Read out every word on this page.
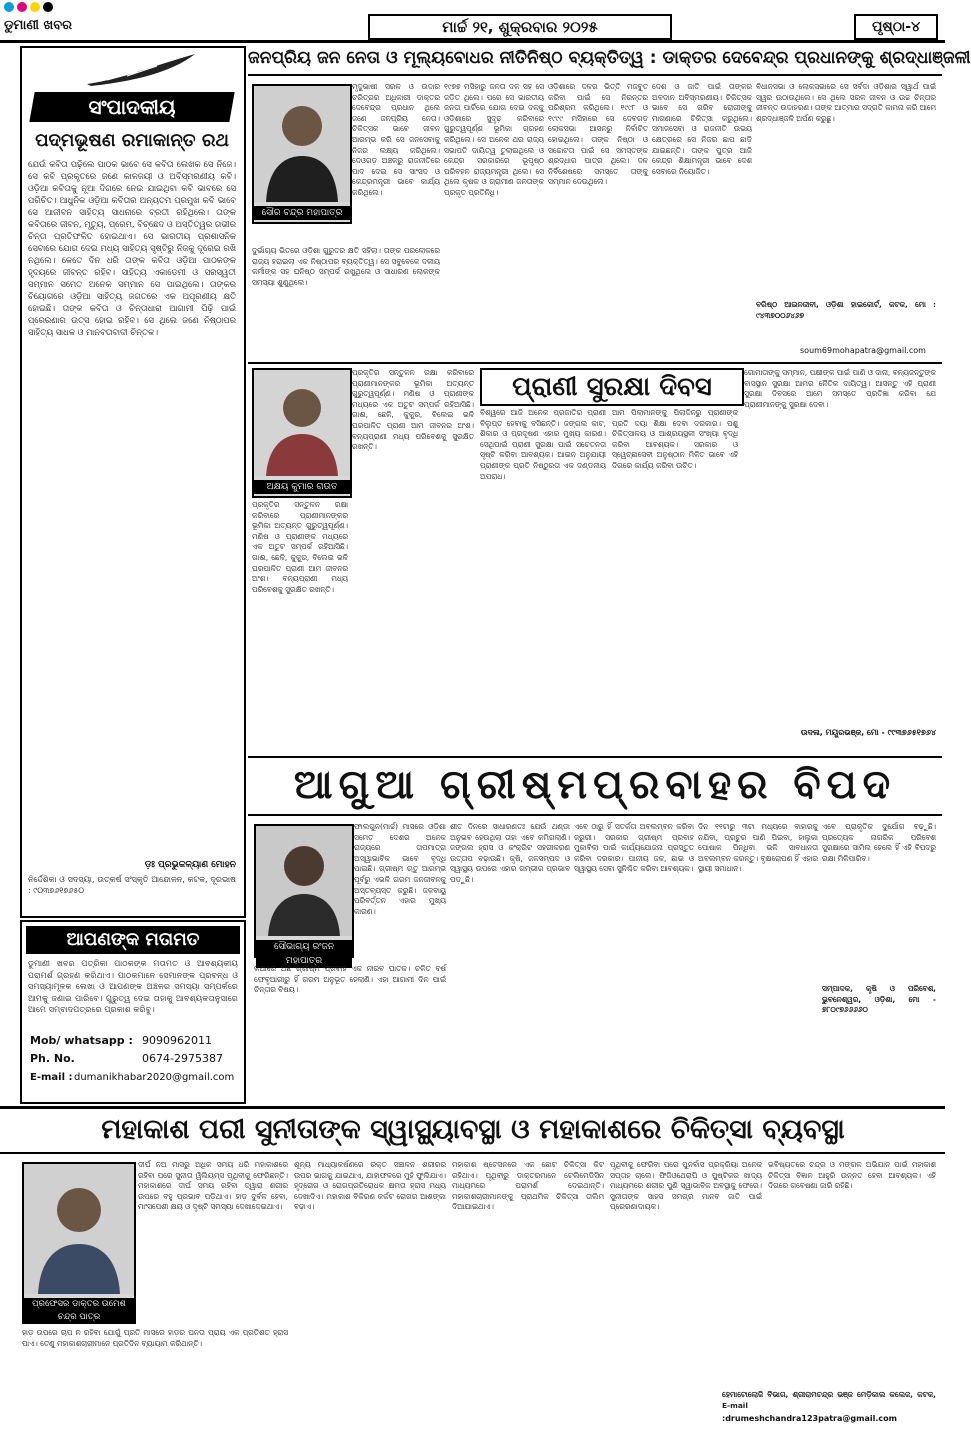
ଡୁମାଣୀ ଖବର	ମାର୍ଚ୍ଚ ୨୧, ଶୁକ୍ରବାର ୨୦୨୫	ପୃଷ୍ଠା-୪
ସଂପାଦକୀୟ
ପଦ୍ମଭୂଷଣ ରମାକାନ୍ତ ରଥ
ଯେଉଁ କବିତା ପଢ଼ିଲେ ପାଠକ ଭାବେ ସେ କବିତା ଲେଖକ ସେ ନିଜେ। ସେ କବି ପ୍ରକୃତରେ ଜଣେ କାଳଜୟୀ ଓ ଅବିସ୍ମରଣୀୟ କବି। ଓଡ଼ିଆ କବିତାକୁ ନୂଆ ଦିଗରେ ନେଇ ଯାଇଥିବା କବି ଭାବରେ ସେ ପରିଚିତ। ଆଧୁନିକ ଓଡ଼ିଆ କବିତାର ଅନ୍ୟତମ ପ୍ରମୁଖ କବି ଭାବେ ସେ ଆଜୀବନ ସାହିତ୍ୟ ସାଧନାରେ ବ୍ରତୀ ରହିଥିଲେ। ତାଙ୍କ କବିତାରେ ଜୀବନ, ମୃତ୍ୟୁ, ପ୍ରେମ, ବିଚ୍ଛେଦ ଓ ଅସ୍ତିତ୍ୱର ଗଭୀର ଚିନ୍ତା ପ୍ରତିଫଳିତ ହୋଇଥାଏ। ସେ ଭାରତୀୟ ପ୍ରଶାସନିକ ସେବାରେ ଯୋଗ ଦେଇ ମଧ୍ୟ ସାହିତ୍ୟ ସୃଷ୍ଟିରୁ ନିଜକୁ ଦୂରେଇ ରଖି ନଥିଲେ। କେତେ ଦିନ ଧରି ତାଙ୍କ କବିତା ଓଡ଼ିଆ ପାଠକଙ୍କ ହୃଦୟରେ ଜୀବନ୍ତ ରହିବ। ସାହିତ୍ୟ ଏକାଡେମୀ ଓ ସରସ୍ୱତୀ ସମ୍ମାନ ସମେତ ଅନେକ ସମ୍ମାନ ସେ ପାଇଥିଲେ। ତାଙ୍କର ବିୟୋଗରେ ଓଡ଼ିଆ ସାହିତ୍ୟ ଜଗତରେ ଏକ ଅପୂରଣୀୟ କ୍ଷତି ହୋଇଛି। ତାଙ୍କ କବିତା ଓ ଚିନ୍ତାଧାରା ଆଗାମୀ ପିଢ଼ି ପାଇଁ ପ୍ରେରଣାର ଉତ୍ସ ହୋଇ ରହିବ। ସେ ଥିଲେ ଜଣେ ନିଷ୍ଠାପର ସାହିତ୍ୟ ସାଧକ ଓ ମାନବତାବାଦୀ ଚିନ୍ତକ।
ଡ଼ଃ ପ୍ରଭୁକଳ୍ୟାଣ ମୋହନ
ନିର୍ଦ୍ଦେଶିକା ଓ ସଦସ୍ୟା, ଉତ୍କର୍ଷ ସଂସ୍କୃତି ଆନ୍ଦୋଳନ, କଟକ, ଦୂରଭାଷ : ୯୦୩୭୬୧୭୬୫୦
ଆପଣଙ୍କ ମତାମତ
ଡୁମାଣୀ ଖବର ପତ୍ରିକା ପାଠକଙ୍କ ମତାମତ ଓ ଆବଶ୍ୟକୀୟ ପରାମର୍ଶ ଗ୍ରହଣ କରିଥାଏ। ପାଠକମାନେ ସେମାନଙ୍କ ପ୍ରବନ୍ଧ ଓ ସମସ୍ୟାମୂଳକ ଲେଖା ଓ ଆପଣଙ୍କ ଅଞ୍ଚଳର ସମସ୍ୟା ସମ୍ପର୍କରେ ଆମକୁ ଜଣାଇ ପାରିବେ। ଗୁରୁତ୍ୱ ଦେଇ ତାହାକୁ ଆବଶ୍ୟକତାନୁସାରେ ଆମେ ସମ୍ବାଦପତ୍ରରେ ପ୍ରକାଶ କରିବୁ।
Mob/ whatsapp : 9090962011
Ph. No.	0674-2975387
E-mail : dumanikhabar2020@gmail.com
ଜନପ୍ରିୟ ଜନ ନେତା ଓ ମୂଲ୍ୟବୋଧର ନୀତିନିଷ୍ଠ ବ୍ୟକ୍ତିତ୍ୱ : ଡାକ୍ତର ଦେବେନ୍ଦ୍ର ପ୍ରଧାନଙ୍କୁ ଶ୍ରଦ୍ଧାଞ୍ଜଳୀ
ସୌର ଚନ୍ଦ୍ର ମହାପାତ୍ର
ମୃଦୁଭାଷୀ ସରଳ ଓ ଉଦାର ଚରିତ୍ରର ଅଧିକାରୀ ଡାକ୍ତର ଦେବେନ୍ଦ୍ର ପ୍ରଧାନ ଥିଲେ ଜଣେ ଜନପ୍ରିୟ ନେତା। ଚିକିତ୍ସକ ଭାବେ ଜୀବନ ଆରମ୍ଭ କରି ସେ ଜନସେବାକୁ ନିଜର ଲକ୍ଷ୍ୟ କରିଥିଲେ। ଦେଓଗଡ଼ ଅଞ୍ଚଳରୁ ରାଜନୀତିରେ ପାଦ ଦେଇ ସେ ସାଂସଦ ଓ କେନ୍ଦ୍ରମନ୍ତ୍ରୀ ଭାବେ କାର୍ଯ୍ୟ କରିଥିଲେ।
ଦୁର୍ଭାଗ୍ୟ ଭିତରେ ଓଡ଼ିଶା ଗୁରୁତର କ୍ଷତି ସହିଲା। ତାଙ୍କ ପରଲୋକରେ ରାଜ୍ୟ ହରାଇଲା ଏକ ନିଷ୍ଠାପର ବ୍ୟକ୍ତିତ୍ୱ। ସେ ସବୁବେଳେ ଦଳୀୟ କର୍ମୀଙ୍କ ସହ ଘନିଷ୍ଠ ସମ୍ପର୍କ ରଖୁଥିଲେ ଓ ସାଧାରଣ ଲୋକଙ୍କ ସମସ୍ୟା ଶୁଣୁଥିଲେ।
୧୯୭୭ ମସିହାରୁ ଜନତା ଦଳ ସହ ସେ ଜଡ଼ିତ ଥିଲେ। ପରେ ସେ ଭାରତୀୟ ଜନତା ପାର୍ଟିରେ ଯୋଗ ଦେଇ ଦଳକୁ ଓଡ଼ିଶାରେ ସୁଦୃଢ଼ କରିବାରେ ଗୁରୁତ୍ୱପୂର୍ଣ୍ଣ ଭୂମିକା ଗ୍ରହଣ କରିଥିଲେ। ସେ ଅନେକ ଥର ରାଜ୍ୟ ସଭାପତି ଦାୟିତ୍ୱ ତୁଲାଇଥିଲେ ଓ କେନ୍ଦ୍ର ସରକାରରେ ଭୂପୃଷ୍ଠ ପରିବହନ ରାଜ୍ୟମନ୍ତ୍ରୀ ଥିଲେ। ସେ ଥିଲେ କୃଷକ ଓ ଗ୍ରାମୀଣ ଜନତାଙ୍କ ପ୍ରକୃତ ପ୍ରତିନିଧି।
ଓଡ଼ିଶାରେ ଦଳର ଭିତ୍ତି ମଜବୁତ କରିବା ପାଇଁ ସେ ନିରନ୍ତର ପରିଶ୍ରମ କରିଥିଲେ। ୧୯୯୮ ଓ ୧୯୯୯ ମସିହାରେ ସେ ଦେବଗଡ଼ ଲୋକସଭା ଆସନରୁ ନିର୍ବାଚିତ ହୋଇଥିଲେ। ତାଙ୍କ ନିଷ୍ଠା ଓ ସଚ୍ଚୋଟତା ପାଇଁ ସେ ସମସ୍ତଙ୍କ ଶ୍ରଦ୍ଧାର ପାତ୍ର ଥିଲେ। ଦଳ ନିର୍ବିଶେଷରେ ସମସ୍ତେ ତାଙ୍କୁ ସମ୍ମାନ ଦେଉଥିଲେ।
ଦେଶ ଓ ଜାତି ପାଇଁ ତାଙ୍କର ଅବଦାନ ଅବିସ୍ମରଣୀୟ। ଚିକିତ୍ସକ ଭାବେ ସେ ଗରିବ ରୋଗୀଙ୍କୁ ମାଗଣାରେ ଚିକିତ୍ସା କରୁଥିଲେ। ସମାଜସେବା ଓ ରାଜନୀତି ଉଭୟ କ୍ଷେତ୍ରରେ ସେ ନିଜର ଛାପ ଛାଡ଼ି ଯାଇଛନ୍ତି। ତାଙ୍କ ପୁତ୍ର ଆଜି କେନ୍ଦ୍ର ଶିକ୍ଷାମନ୍ତ୍ରୀ ଭାବେ ଦେଶ ସେବାରେ ନିୟୋଜିତ।
ବିଧାନସଭା ଓ ଲୋକସଭାରେ ସେ ସର୍ବଦା ଓଡ଼ିଶାର ସ୍ୱାର୍ଥ ପାଇଁ ସ୍ୱର ଉଠାଉଥିଲେ। ସେ ଥିଲେ ସରଳ ଜୀବନ ଓ ଉଚ୍ଚ ଚିନ୍ତାର ଜୀବନ୍ତ ଉଦାହରଣ। ତାଙ୍କ ଆତ୍ମାର ସଦ୍ଗତି କାମନା କରି ଆମେ ଶ୍ରଦ୍ଧାଞ୍ଜଳି ଅର୍ପଣ କରୁଛୁ।
ବରିଷ୍ଠ ଆଇନଜୀବୀ, ଓଡ଼ିଶା ହାଇକୋର୍ଟ, କଟକ, ମୋ : ୯୪୩୭୦୦୬୪୬୭
soum69mohapatra@gmail.com
ପ୍ରାଣୀ ସୁରକ୍ଷା ଦିବସ
ଅକ୍ଷୟ କୁମାର ରାଉତ
ପ୍ରକୃତିର ସନ୍ତୁଳନ ରକ୍ଷା କରିବାରେ ପ୍ରାଣୀମାନଙ୍କର ଭୂମିକା ଅତ୍ୟନ୍ତ ଗୁରୁତ୍ୱପୂର୍ଣ୍ଣ। ମଣିଷ ଓ ପ୍ରାଣୀଙ୍କ ମଧ୍ୟରେ ଏକ ଅତୁଟ ସମ୍ପର୍କ ରହିଆସିଛି। ଗାଈ, ଛେଳି, କୁକୁର, ବିଲେଇ ଭଳି ଘରପାଳିତ ପ୍ରାଣୀ ଆମ ଜୀବନର ଅଂଶ। ବନ୍ୟପ୍ରାଣୀ ମଧ୍ୟ ପରିବେଶକୁ ସୁରକ୍ଷିତ ରଖନ୍ତି।
ବିଶ୍ୱରେ ଆଜି ଅନେକ ପ୍ରଜାତିର ପ୍ରାଣୀ ବିଲୁପ୍ତ ହେବାକୁ ବସିଛନ୍ତି। ଜଙ୍ଗଲ କାଟ, ଶିକାର ଓ ପ୍ରଦୂଷଣ ଏହାର ମୁଖ୍ୟ କାରଣ। ସେଥିପାଇଁ ପ୍ରାଣୀ ସୁରକ୍ଷା ପାଇଁ ସଚେତନତା ସୃଷ୍ଟି କରିବା ଆବଶ୍ୟକ। ଆଇନ ଅନୁଯାୟୀ ପ୍ରାଣୀଙ୍କ ପ୍ରତି ନିଷ୍ଠୁରତା ଏକ ଦଣ୍ଡନୀୟ ଅପରାଧ।
ଆମ ପିଲାମାନଙ୍କୁ ପିଲାଦିନରୁ ପ୍ରାଣୀଙ୍କ ପ୍ରତି ଦୟା ଶିକ୍ଷା ଦେବା ଦରକାର। ପଶୁ ଚିକିତ୍ସାଳୟ ଓ ଆଶ୍ରୟସ୍ଥଳୀ ସଂଖ୍ୟା ବୃଦ୍ଧି କରିବା ଆବଶ୍ୟକ। ସରକାର ଓ ସ୍ୱେଚ୍ଛାସେବୀ ଅନୁଷ୍ଠାନ ମିଳିତ ଭାବେ ଏହି ଦିଗରେ କାର୍ଯ୍ୟ କରିବା ଉଚିତ।
ଗୋମାତାଙ୍କୁ ସମ୍ମାନ, ପକ୍ଷୀଙ୍କ ପାଇଁ ପାଣି ଓ ଦାନା, ବନ୍ୟଜନ୍ତୁଙ୍କ ବାସସ୍ଥାନ ସୁରକ୍ଷା ଆମର ନୈତିକ ଦାୟିତ୍ୱ। ଆସନ୍ତୁ ଏହି ପ୍ରାଣୀ ସୁରକ୍ଷା ଦିବସରେ ଆମେ ସମସ୍ତେ ପ୍ରତିଜ୍ଞା କରିବା ଯେ ପ୍ରାଣୀମାନଙ୍କୁ ସୁରକ୍ଷା ଦେବା।
ଉଦଳା, ମୟୂରଭଞ୍ଜ, ମୋ - ୯୯୩୭୬୫୧୭୬୪
ପ୍ରକୃତିର ସନ୍ତୁଳନ ରକ୍ଷା କରିବାରେ ପ୍ରାଣୀମାନଙ୍କର ଭୂମିକା ଅତ୍ୟନ୍ତ ଗୁରୁତ୍ୱପୂର୍ଣ୍ଣ। ମଣିଷ ଓ ପ୍ରାଣୀଙ୍କ ମଧ୍ୟରେ ଏକ ଅତୁଟ ସମ୍ପର୍କ ରହିଆସିଛି। ଗାଈ, ଛେଳି, କୁକୁର, ବିଲେଇ ଭଳି ଘରପାଳିତ ପ୍ରାଣୀ ଆମ ଜୀବନର ଅଂଶ। ବନ୍ୟପ୍ରାଣୀ ମଧ୍ୟ ପରିବେଶକୁ ସୁରକ୍ଷିତ ରଖନ୍ତି।
ଆଗୁଆ ଗ୍ରୀଷ୍ମପ୍ରବାହର ବିପଦ
ସୌଭାଗ୍ୟ ରଂଜନ ମହାପାତ୍ର
ଫାଲଗୁନ(ମାର୍ଚ୍ଚ) ମାସରେ ଓଡ଼ିଶା ସମେତ ଦେଶର ଅନେକ ରାଜ୍ୟରେ ତାପମାତ୍ରା ଅସ୍ୱାଭାବିକ ଭାବେ ବୃଦ୍ଧି ପାଇଛି। ଗ୍ରୀଷ୍ମ ଋତୁ ଆରମ୍ଭ ପୂର୍ବରୁ ଏଭଳି ଗରମ ଜନଜୀବନକୁ ଅସ୍ତବ୍ୟସ୍ତ କରୁଛି। ଜଳବାୟୁ ପରିବର୍ତ୍ତନ ଏହାର ମୁଖ୍ୟ କାରଣ।
କଥାରେ ଅଛି ଗ୍ରୀଷ୍ମ ପ୍ରବାହ ଏକ ନୀରବ ଘାତକ। ଚଳିତ ବର୍ଷ ଫେବୃଆରୀରୁ ହିଁ ଗରମ ଅନୁଭୂତ ହେଲାଣି। ଏହା ଆଗାମୀ ଦିନ ପାଇଁ ଚିନ୍ତାର ବିଷୟ।
ଶୀତ ଦିନରେ ସାଧାରଣତଃ ଯେଉଁ ଥଣ୍ଡା ଅନୁଭବ ହେଉଥିଲା ତାହା ଏବେ କମିଗଲାଣି। ଜଙ୍ଗଲ ହ୍ରାସ ଓ କଂକ୍ରିଟ ସହରୀକରଣ ଉତ୍ତାପ ବଢ଼ାଉଛି। କୃଷି, ଜଳସମ୍ପଦ ଓ ସ୍ୱାସ୍ଥ୍ୟ ଉପରେ ଏହାର ଗମ୍ଭୀର ପ୍ରଭାବ ପଡ଼ୁଛି।
ଏବେ ଠାରୁ ହିଁ ସତର୍କତା ଅବଲମ୍ବନ କରିବା ଜରୁରୀ। ସରକାର ଗ୍ରୀଷ୍ମ ପ୍ରବାହ ମୁକାବିଲା ପାଇଁ କାର୍ଯ୍ୟଯୋଜନା ପ୍ରସ୍ତୁତ କରିବା ଦରକାର। ପାନୀୟ ଜଳ, ଛାଇ ଓ ସ୍ୱାସ୍ଥ୍ୟ ସେବା ସୁନିଶ୍ଚିତ କରିବା ଆବଶ୍ୟକ।
ଦିନ ୧୧ଟାରୁ ୩ଟା ମଧ୍ୟରେ ବାହାରକୁ ନଯିବା, ପ୍ରଚୁର ପାଣି ପିଇବା, ହାଲୁକା ପୋଷାକ ପିନ୍ଧିବା ଭଳି ସାବଧାନତା ଅବଲମ୍ବନ କରନ୍ତୁ। ବୃକ୍ଷରୋପଣ ହିଁ ଏହାର ସ୍ଥାୟୀ ସମାଧାନ।
ଏବେ ପ୍ରାକୃତିକ ଦୁର୍ଯୋଗ ବଢ଼ୁଛି। ପ୍ରତ୍ୟେକ ନାଗରିକ ପରିବେଶ ସୁରକ୍ଷାରେ ସାମିଲ ହେଲେ ହିଁ ଏହି ବିପଦରୁ ରକ୍ଷା ମିଳିପାରିବ।
ସମ୍ପାଦକ, କୃଷି ଓ ପରିବେଶ, ଭୁବନେଶ୍ୱର, ଓଡ଼ିଶା, ମୋ - ୭୮୦୯୭୬୬୬୬୦
ମହାକାଶ ପରୀ ସୁନୀତାଙ୍କ ସ୍ୱାସ୍ଥ୍ୟାବସ୍ଥା ଓ ମହାକାଶରେ ଚିକିତ୍ସା ବ୍ୟବସ୍ଥା
ପ୍ରଫେସର ଡାକ୍ତର ଉମେଶ ଚନ୍ଦ୍ର ପାତ୍ର
ଦୀର୍ଘ ନଅ ମାସରୁ ଅଧିକ ସମୟ ଧରି ମହାକାଶରେ ରହିବା ପରେ ସୁନୀତା ୱିଲିୟମ୍ସ ପୃଥିବୀକୁ ଫେରିଛନ୍ତି। ମହାକାଶରେ ଦୀର୍ଘ ସମୟ ରହିବା ଦ୍ୱାରା ଶରୀର ଉପରେ ବହୁ ପ୍ରଭାବ ପଡ଼ିଥାଏ। ହାଡ଼ ଦୁର୍ବଳ ହେବା, ମାଂସପେଶୀ କ୍ଷୟ ଓ ଦୃଷ୍ଟି ସମସ୍ୟା ଦେଖାଦେଇଥାଏ।
ହାଡ଼ ଉପରେ ଚାପ ନ ରହିବା ଯୋଗୁଁ ପ୍ରତି ମାସରେ ହାଡ଼ର ଘନତା ପ୍ରାୟ ଏକ ପ୍ରତିଶତ ହ୍ରାସ ପାଏ। ତେଣୁ ମହାକାଶଚାରୀମାନେ ପ୍ରତିଦିନ ବ୍ୟାୟାମ କରିଥାନ୍ତି।
ଶୂନ୍ୟ ମାଧ୍ୟାକର୍ଷଣରେ ରକ୍ତ ସଞ୍ଚାଳନ ଶରୀରର ଉପର ଭାଗକୁ ଯାଇଥାଏ, ଯାହାଫଳରେ ମୁହଁ ଫୁଲିଯାଏ। ହୃଦ୍‌ରୋଗ ଓ ରୋଗପ୍ରତିରୋଧକ କ୍ଷମତା ହ୍ରାସ ମଧ୍ୟ ଦେଖାଦିଏ। ମହାକାଶ ବିକିରଣ କର୍କଟ ରୋଗର ଆଶଙ୍କା ବଢ଼ାଏ।
ମହାକାଶ ଷ୍ଟେସନରେ ଏକ ଛୋଟ ଚିକିତ୍ସା କିଟ ରହିଥାଏ। ପୃଥିବୀରୁ ଡାକ୍ତରମାନେ ଟେଲିମେଡିସିନ ମାଧ୍ୟମରେ ପରାମର୍ଶ ଦେଇଥାନ୍ତି। ମହାକାଶଚାରୀମାନଙ୍କୁ ପ୍ରାଥମିକ ଚିକିତ୍ସା ତାଲିମ ଦିଆଯାଇଥାଏ।
ପୃଥିବୀକୁ ଫେରିବା ପରେ ପୁନର୍ବାସ ପ୍ରକ୍ରିୟା ଅନେକ ସପ୍ତାହ ଚାଲେ। ଫିଜିଓଥେରାପି ଓ ପୁଷ୍ଟିକର ଖାଦ୍ୟ ମାଧ୍ୟମରେ ଶରୀର ପୁଣି ସ୍ୱାଭାବିକ ଅବସ୍ଥାକୁ ଫେରେ। ସୁନୀତାଙ୍କ ସାହସ ସମଗ୍ର ମାନବ ଜାତି ପାଇଁ ପ୍ରେରଣାଦାୟକ।
ଭବିଷ୍ୟତରେ ଚନ୍ଦ୍ର ଓ ମଙ୍ଗଳ ଅଭିଯାନ ପାଇଁ ମହାକାଶ ଚିକିତ୍ସା ବିଜ୍ଞାନ ଆହୁରି ଉନ୍ନତ ହେବା ଆବଶ୍ୟକ। ଏହି ଦିଗରେ ଗବେଷଣା ଜାରି ରହିଛି।
ହେମାଟୋଲୋଜି ବିଭାଗ, ଶ୍ରୀରାମଚନ୍ଦ୍ର ଭଞ୍ଜ ମେଡ଼ିକାଲ କଲେଜ, କଟକ, E-mail
:drumeshchandra123patra@gmail.com
